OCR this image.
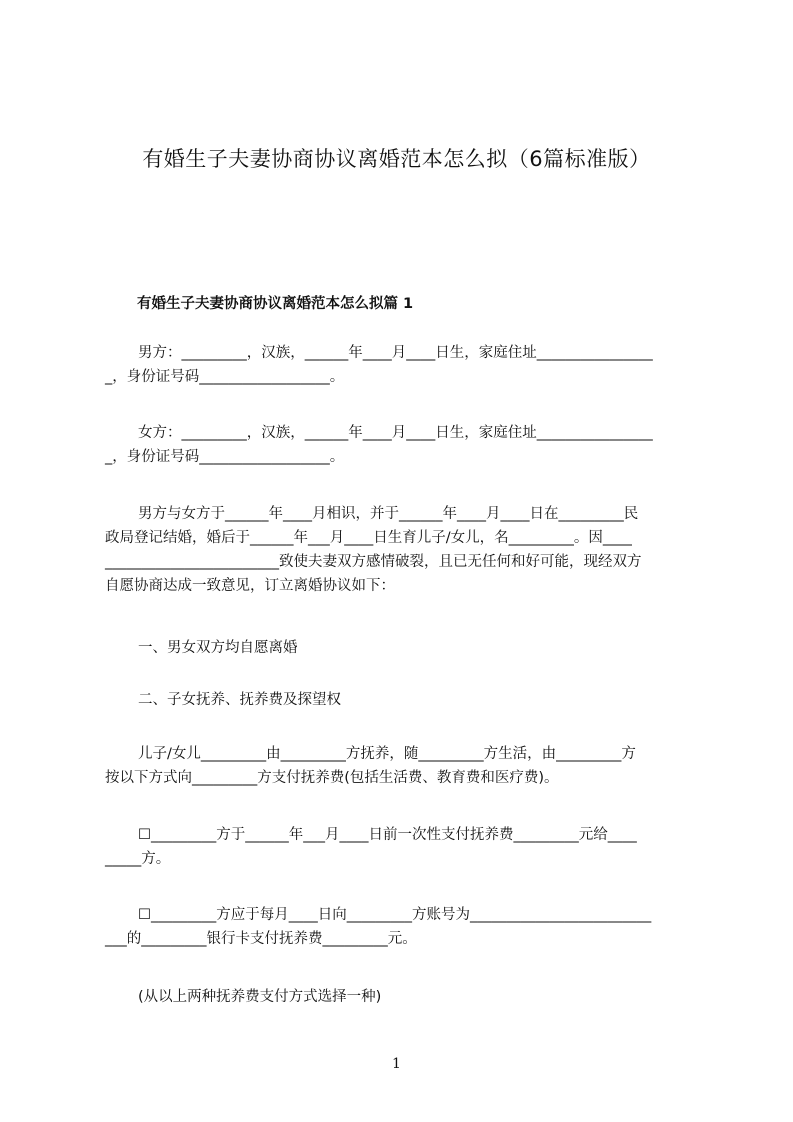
有婚生子夫妻协商协议离婚范本怎么拟（6篇标准版）
有婚生子夫妻协商协议离婚范本怎么拟篇 1
男方：_________，汉族，______年____月____日生，家庭住址________________
_，身份证号码__________________。
女方：_________，汉族，______年____月____日生，家庭住址________________
_，身份证号码__________________。
男方与女方于______年____月相识，并于______年____月____日在_________民
政局登记结婚，婚后于______年___月____日生育儿子/女儿，名_________。因____
________________________致使夫妻双方感情破裂，且已无任何和好可能，现经双方
自愿协商达成一致意见，订立离婚协议如下：
一、男女双方均自愿离婚
二、子女抚养、抚养费及探望权
儿子/女儿_________由_________方抚养，随_________方生活，由_________方
按以下方式向_________方支付抚养费(包括生活费、教育费和医疗费)。
☐_________方于______年___月____日前一次性支付抚养费_________元给____
_____方。
☐_________方应于每月____日向_________方账号为_________________________
___的_________银行卡支付抚养费_________元。
(从以上两种抚养费支付方式选择一种)
1
